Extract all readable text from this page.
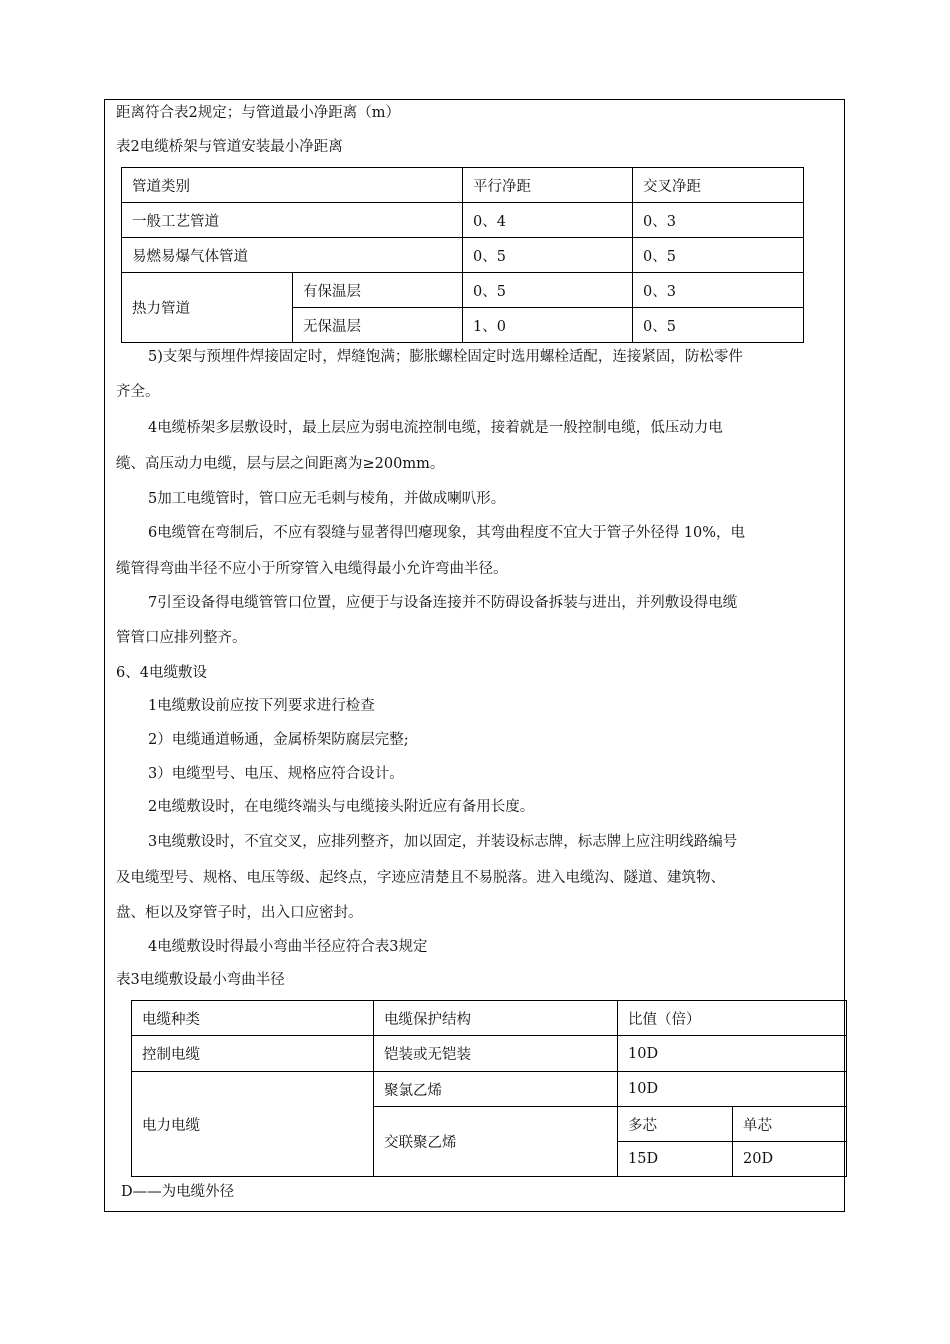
距离符合表2规定；与管道最小净距离（m）
表2电缆桥架与管道安装最小净距离
管道类别		平行净距	交叉净距
一般工艺管道		0、4	0、3
易燃易爆气体管道		0、5	0、5
热力管道	有保温层	0、5	0、3
	无保温层	1、0	0、5
5)支架与预埋件焊接固定时，焊缝饱满；膨胀螺栓固定时选用螺栓适配，连接紧固，防松零件
齐全。
4电缆桥架多层敷设时，最上层应为弱电流控制电缆，接着就是一般控制电缆，低压动力电
缆、高压动力电缆，层与层之间距离为≥200mm。
5加工电缆管时，管口应无毛刺与棱角，并做成喇叭形。
6电缆管在弯制后，不应有裂缝与显著得凹瘪现象，其弯曲程度不宜大于管子外径得 10%，电
缆管得弯曲半径不应小于所穿管入电缆得最小允许弯曲半径。
7引至设备得电缆管管口位置，应便于与设备连接并不防碍设备拆装与进出，并列敷设得电缆
管管口应排列整齐。
6、4电缆敷设
1电缆敷设前应按下列要求进行检查
2）电缆通道畅通，金属桥架防腐层完整;
3）电缆型号、电压、规格应符合设计。
2电缆敷设时，在电缆终端头与电缆接头附近应有备用长度。
3电缆敷设时，不宜交叉，应排列整齐，加以固定，并装设标志牌，标志牌上应注明线路编号
及电缆型号、规格、电压等级、起终点，字迹应清楚且不易脱落。进入电缆沟、隧道、建筑物、
盘、柜以及穿管子时，出入口应密封。
4电缆敷设时得最小弯曲半径应符合表3规定
表3电缆敷设最小弯曲半径
电缆种类	电缆保护结构	比值（倍）	
控制电缆	铠装或无铠装	10D	
电力电缆	聚氯乙烯	10D	
	交联聚乙烯	多芯	单芯
		15D	20D
D——为电缆外径
